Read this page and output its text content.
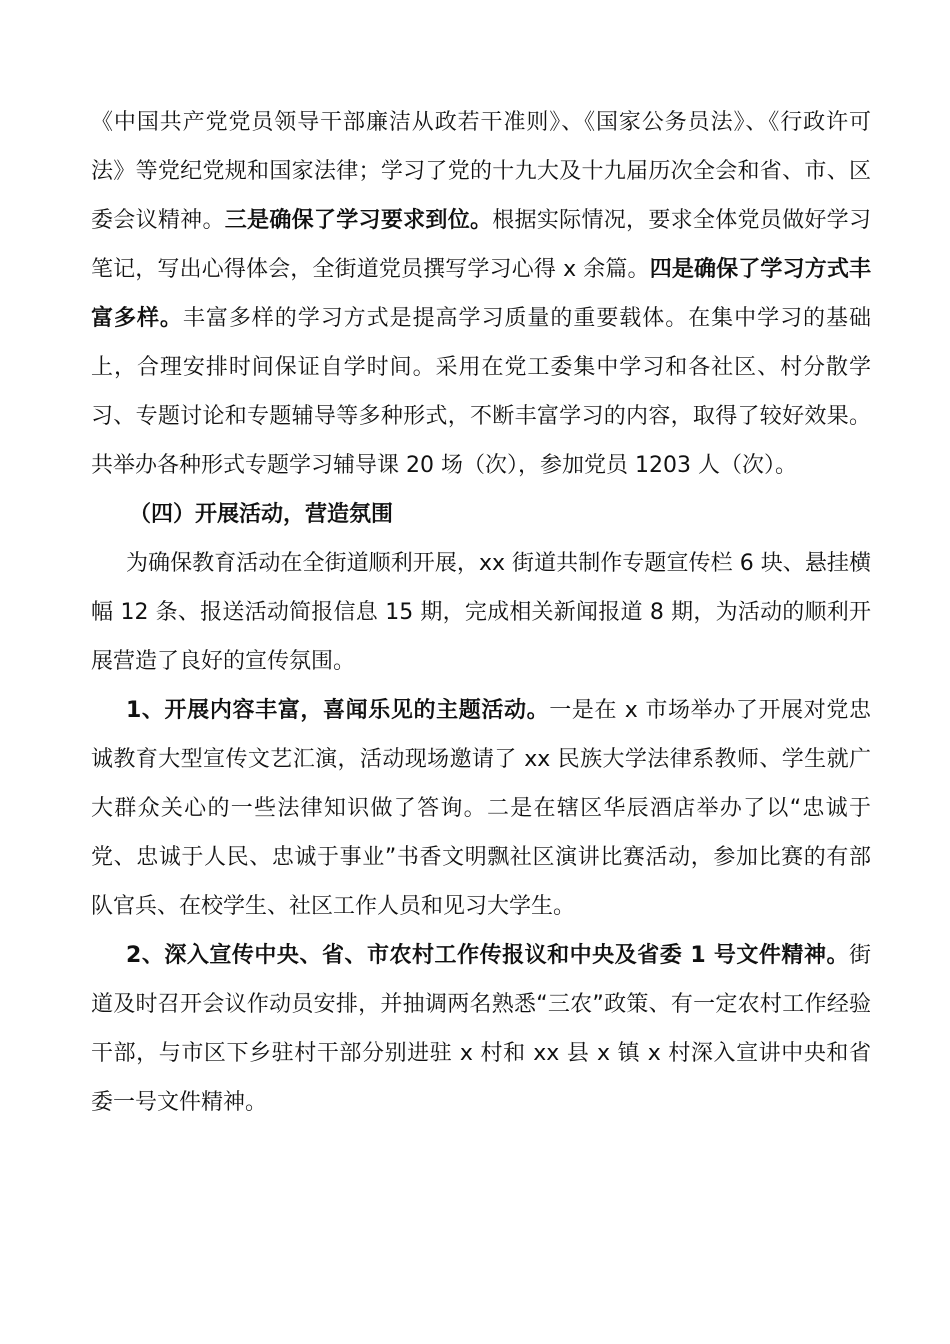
《中国共产党党员领导干部廉洁从政若干准则》、《国家公务员法》、《行政许可法》等党纪党规和国家法律；学习了党的十九大及十九届历次全会和省、市、区委会议精神。三是确保了学习要求到位。根据实际情况，要求全体党员做好学习笔记，写出心得体会，全街道党员撰写学习心得 x 余篇。四是确保了学习方式丰富多样。丰富多样的学习方式是提高学习质量的重要载体。在集中学习的基础上，合理安排时间保证自学时间。采用在党工委集中学习和各社区、村分散学习、专题讨论和专题辅导等多种形式，不断丰富学习的内容，取得了较好效果。共举办各种形式专题学习辅导课 20 场（次），参加党员 1203 人（次）。

（四）开展活动，营造氛围

为确保教育活动在全街道顺利开展，xx 街道共制作专题宣传栏 6 块、悬挂横幅 12 条、报送活动简报信息 15 期，完成相关新闻报道 8 期，为活动的顺利开展营造了良好的宣传氛围。

1、开展内容丰富，喜闻乐见的主题活动。一是在 x 市场举办了开展对党忠诚教育大型宣传文艺汇演，活动现场邀请了 xx 民族大学法律系教师、学生就广大群众关心的一些法律知识做了答询。二是在辖区华辰酒店举办了以“忠诚于党、忠诚于人民、忠诚于事业”书香文明飘社区演讲比赛活动，参加比赛的有部队官兵、在校学生、社区工作人员和见习大学生。

2、深入宣传中央、省、市农村工作传报议和中央及省委 1 号文件精神。街道及时召开会议作动员安排，并抽调两名熟悉“三农”政策、有一定农村工作经验干部，与市区下乡驻村干部分别进驻 x 村和 xx 县 x 镇 x 村深入宣讲中央和省委一号文件精神。
